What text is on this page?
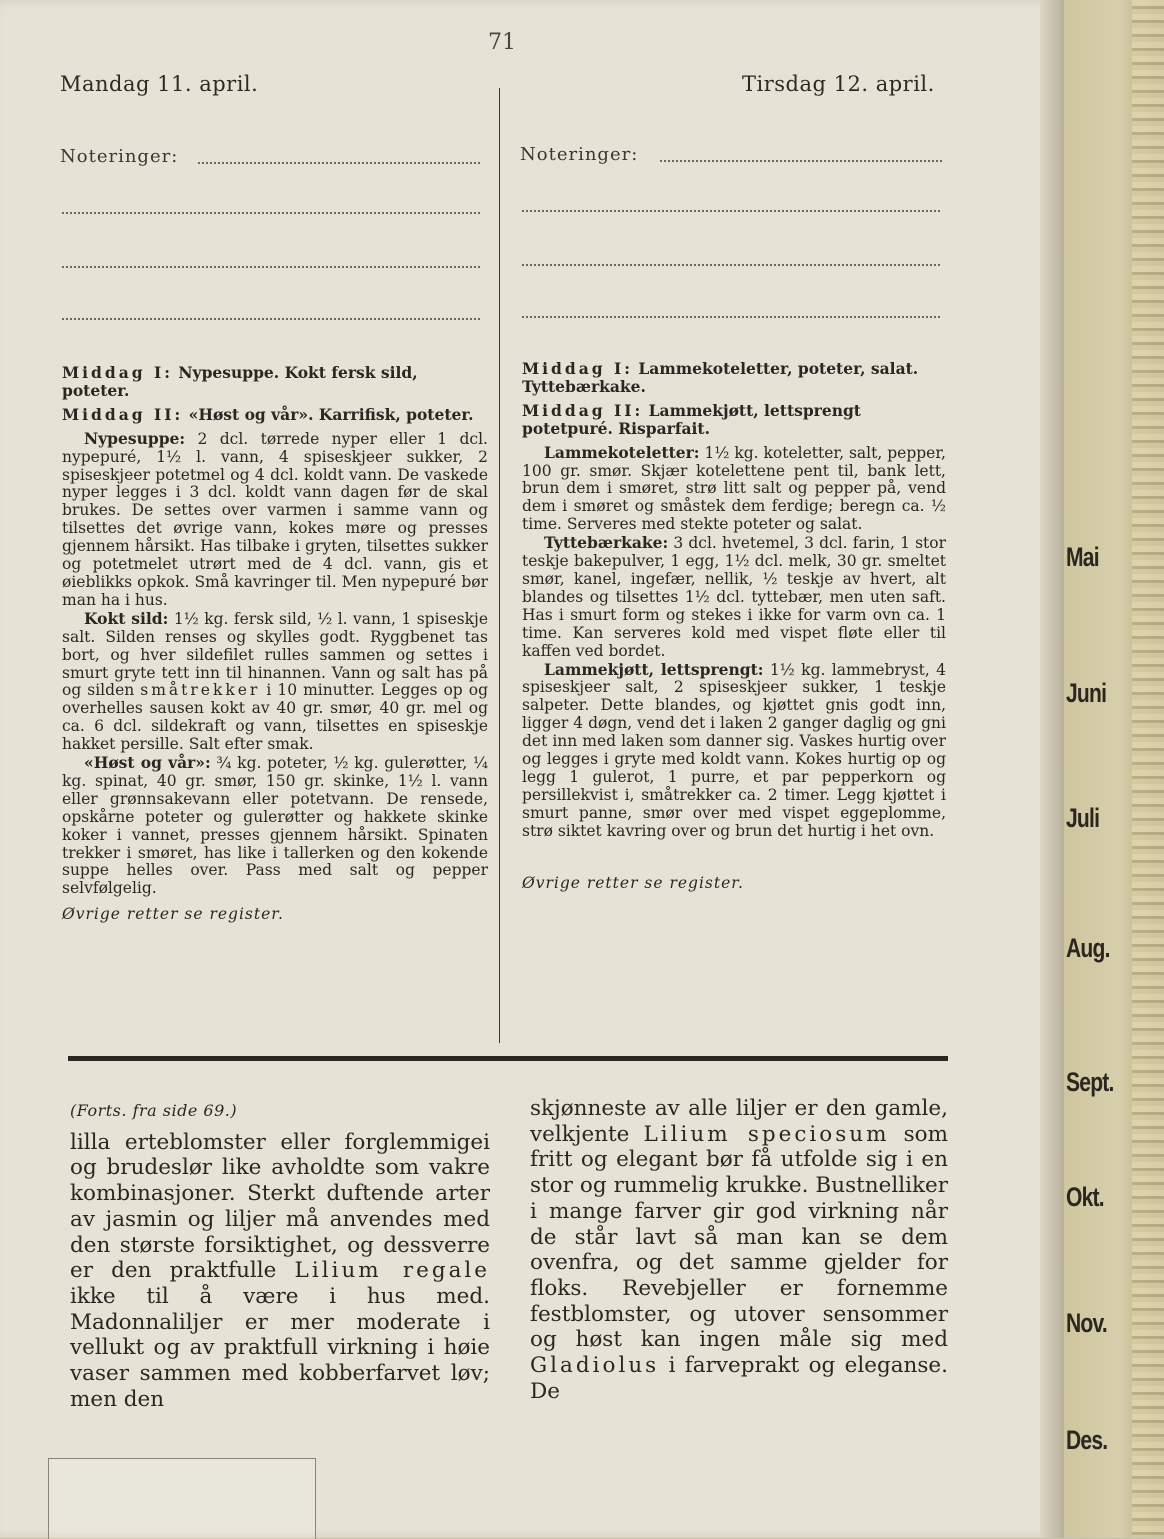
Mai
Juni
Juli
Aug.
Sept.
Okt.
Nov.
Des.
71
Mandag 11. april.	Tirsdag 12. april.
Noteringer:	Noteringer:

Middag I: Nypesuppe. Kokt fersk sild, poteter.

Middag II: «Høst og vår». Karrifisk, poteter.

Nypesuppe: 2 dcl. tørrede nyper eller 1 dcl. nypepuré, 1½ l. vann, 4 spiseskjeer sukker, 2 spiseskjeer potetmel og 4 dcl. koldt vann. De vaskede nyper legges i 3 dcl. koldt vann dagen før de skal brukes. De settes over varmen i samme vann og tilsettes det øvrige vann, kokes møre og presses gjennem hårsikt. Has tilbake i gryten, tilsettes sukker og potetmelet utrørt med de 4 dcl. vann, gis et øieblikks opkok. Små kavringer til. Men nypepuré bør man ha i hus.

Kokt sild: 1½ kg. fersk sild, ½ l. vann, 1 spiseskje salt. Silden renses og skylles godt. Ryggbenet tas bort, og hver sildefilet rulles sammen og settes i smurt gryte tett inn til hinannen. Vann og salt has på og silden småtrekker i 10 minutter. Legges op og overhelles sausen kokt av 40 gr. smør, 40 gr. mel og ca. 6 dcl. sildekraft og vann, tilsettes en spiseskje hakket persille. Salt efter smak.

«Høst og vår»: ¾ kg. poteter, ½ kg. gulerøtter, ¼ kg. spinat, 40 gr. smør, 150 gr. skinke, 1½ l. vann eller grønnsakevann eller potetvann. De rensede, opskårne poteter og gulerøtter og hakkete skinke koker i vannet, presses gjennem hårsikt. Spinaten trekker i smøret, has like i tallerken og den kokende suppe helles over. Pass med salt og pepper selvfølgelig.

Øvrige retter se register.

Middag I: Lammekoteletter, poteter, salat. Tyttebærkake.

Middag II: Lammekjøtt, lettsprengt potetpuré. Risparfait.

Lammekoteletter: 1½ kg. koteletter, salt, pepper, 100 gr. smør. Skjær kotelettene pent til, bank lett, brun dem i smøret, strø litt salt og pepper på, vend dem i smøret og småstek dem ferdige; beregn ca. ½ time. Serveres med stekte poteter og salat.

Tyttebærkake: 3 dcl. hvetemel, 3 dcl. farin, 1 stor teskje bakepulver, 1 egg, 1½ dcl. melk, 30 gr. smeltet smør, kanel, ingefær, nellik, ½ teskje av hvert, alt blandes og tilsettes 1½ dcl. tyttebær, men uten saft. Has i smurt form og stekes i ikke for varm ovn ca. 1 time. Kan serveres kold med vispet fløte eller til kaffen ved bordet.

Lammekjøtt, lettsprengt: 1½ kg. lammebryst, 4 spiseskjeer salt, 2 spiseskjeer sukker, 1 teskje salpeter. Dette blandes, og kjøttet gnis godt inn, ligger 4 døgn, vend det i laken 2 ganger daglig og gni det inn med laken som danner sig. Vaskes hurtig over og legges i gryte med koldt vann. Kokes hurtig op og legg 1 gulerot, 1 purre, et par pepperkorn og persillekvist i, småtrekker ca. 2 timer. Legg kjøttet i smurt panne, smør over med vispet eggeplomme, strø siktet kavring over og brun det hurtig i het ovn.

Øvrige retter se register.

(Forts. fra side 69.)

lilla erteblomster eller forglemmigei og brudeslør like avholdte som vakre kombinasjoner. Sterkt duftende arter av jasmin og liljer må anvendes med den største forsiktighet, og dessverre er den praktfulle Lilium regale ikke til å være i hus med. Madonnaliljer er mer moderate i vellukt og av praktfull virkning i høie vaser sammen med kobberfarvet løv; men den

skjønneste av alle liljer er den gamle, velkjente Lilium speciosum som fritt og elegant bør få utfolde sig i en stor og rummelig krukke. Bustnelliker i mange farver gir god virkning når de står lavt så man kan se dem ovenfra, og det samme gjelder for floks. Revebjeller er fornemme festblomster, og utover sensommer og høst kan ingen måle sig med Gladiolus i farveprakt og eleganse. De
